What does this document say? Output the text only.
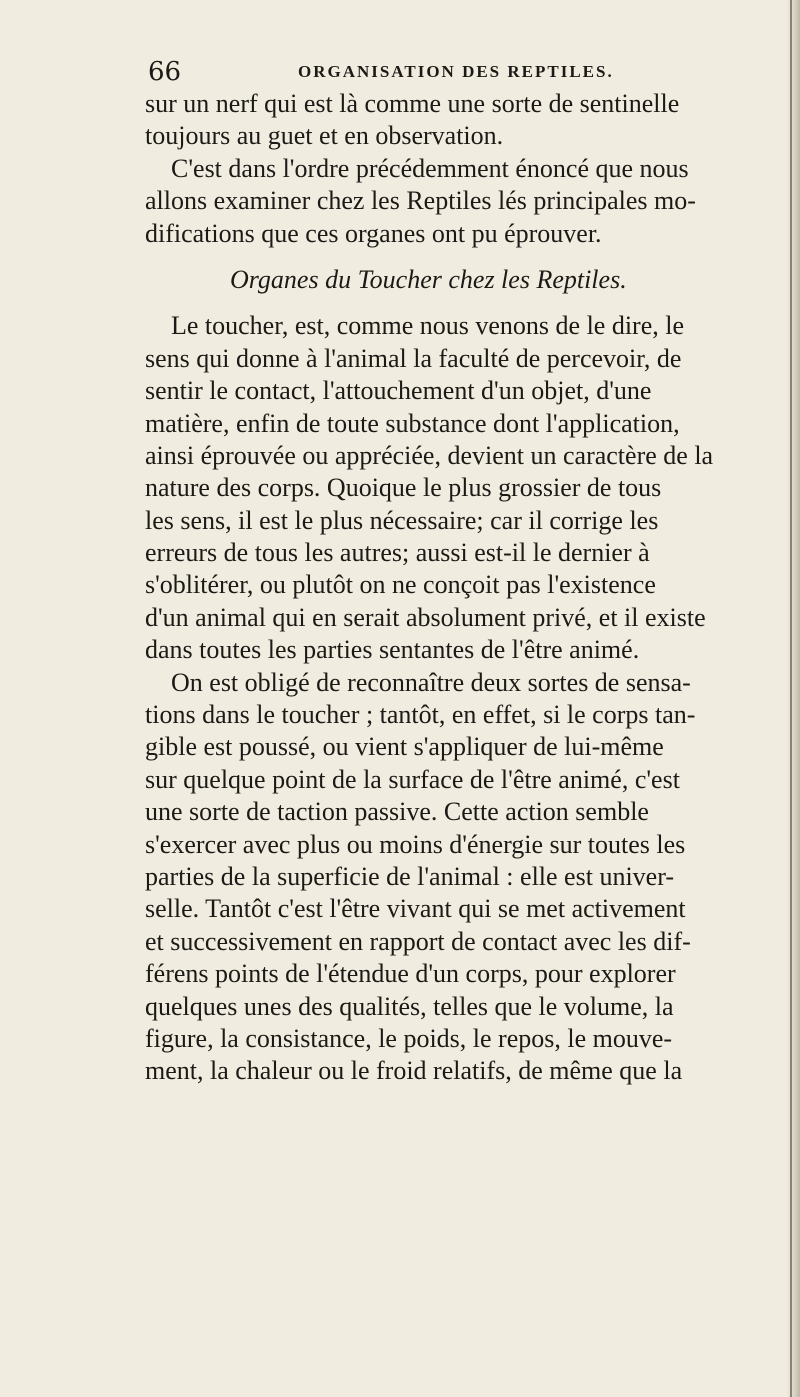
66	ORGANISATION DES REPTILES.
sur un nerf qui est là comme une sorte de sentinelle
toujours au guet et en observation.
C'est dans l'ordre précédemment énoncé que nous
allons examiner chez les Reptiles lés principales mo-
difications que ces organes ont pu éprouver.
Organes du Toucher chez les Reptiles.
Le toucher, est, comme nous venons de le dire, le
sens qui donne à l'animal la faculté de percevoir, de
sentir le contact, l'attouchement d'un objet, d'une
matière, enfin de toute substance dont l'application,
ainsi éprouvée ou appréciée, devient un caractère de la
nature des corps. Quoique le plus grossier de tous
les sens, il est le plus nécessaire; car il corrige les
erreurs de tous les autres; aussi est-il le dernier à
s'oblitérer, ou plutôt on ne conçoit pas l'existence
d'un animal qui en serait absolument privé, et il existe
dans toutes les parties sentantes de l'être animé.
On est obligé de reconnaître deux sortes de sensa-
tions dans le toucher ; tantôt, en effet, si le corps tan-
gible est poussé, ou vient s'appliquer de lui-même
sur quelque point de la surface de l'être animé, c'est
une sorte de taction passive. Cette action semble
s'exercer avec plus ou moins d'énergie sur toutes les
parties de la superficie de l'animal : elle est univer-
selle. Tantôt c'est l'être vivant qui se met activement
et successivement en rapport de contact avec les dif-
férens points de l'étendue d'un corps, pour explorer
quelques unes des qualités, telles que le volume, la
figure, la consistance, le poids, le repos, le mouve-
ment, la chaleur ou le froid relatifs, de même que la
